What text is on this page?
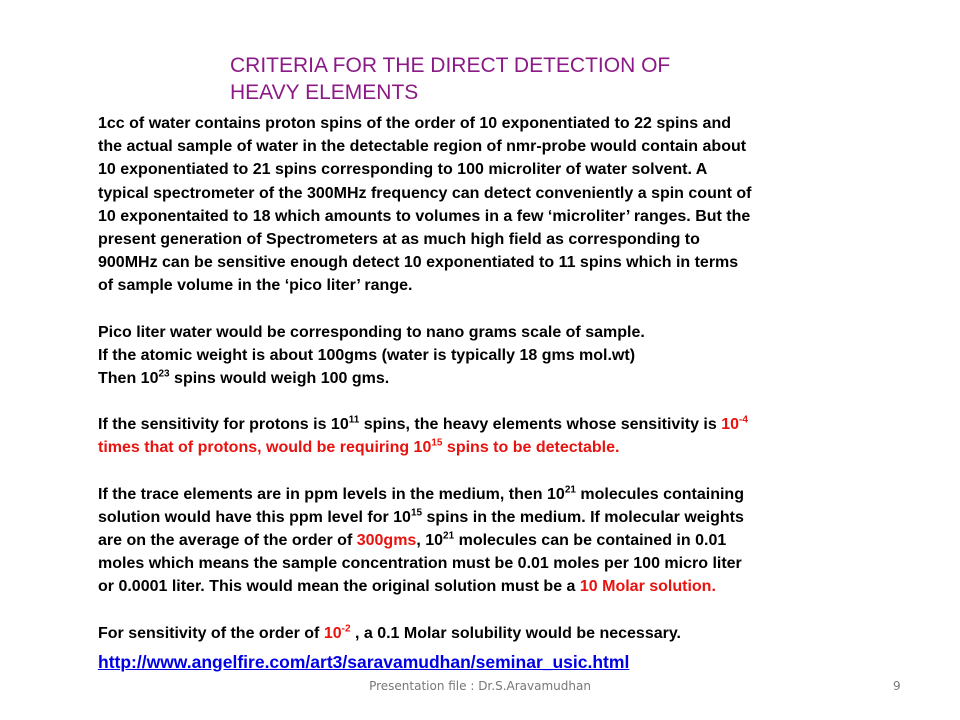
CRITERIA FOR THE DIRECT DETECTION OF
HEAVY ELEMENTS

1cc of water contains proton spins of the order of 10 exponentiated to 22 spins and
the actual sample of water in the detectable region of nmr-probe would contain about
10 exponentiated to 21 spins corresponding to 100 microliter of water solvent. A
typical spectrometer of the 300MHz frequency can detect conveniently a spin count of
10 exponentaited to 18 which amounts to volumes in a few ‘microliter’ ranges. But the
present generation of Spectrometers at as much high field as corresponding to
900MHz can be sensitive enough detect 10 exponentiated to 11 spins which in terms
of sample volume in the ‘pico liter’ range.

Pico liter water would be corresponding to nano grams scale of sample.
If the atomic weight is about 100gms (water is typically 18 gms mol.wt)
Then $10^{23}$ spins would weigh 100 gms.

If the sensitivity for protons is $10^{11}$ spins, the heavy elements whose sensitivity is $10^{-4}$
times that of protons, would be requiring $10^{15}$ spins to be detectable.

If the trace elements are in ppm levels in the medium, then $10^{21}$ molecules containing
solution would have this ppm level for $10^{15}$ spins in the medium. If molecular weights
are on the average of the order of 300gms, $10^{21}$ molecules can be contained in 0.01
moles which means the sample concentration must be 0.01 moles per 100 micro liter
or 0.0001 liter. This would mean the original solution must be a 10 Molar solution.

For sensitivity of the order of $10^{-2}$ , a 0.1 Molar solubility would be necessary.
http://www.angelfire.com/art3/saravamudhan/seminar_usic.html

Presentation file : Dr.S.Aravamudhan	9
